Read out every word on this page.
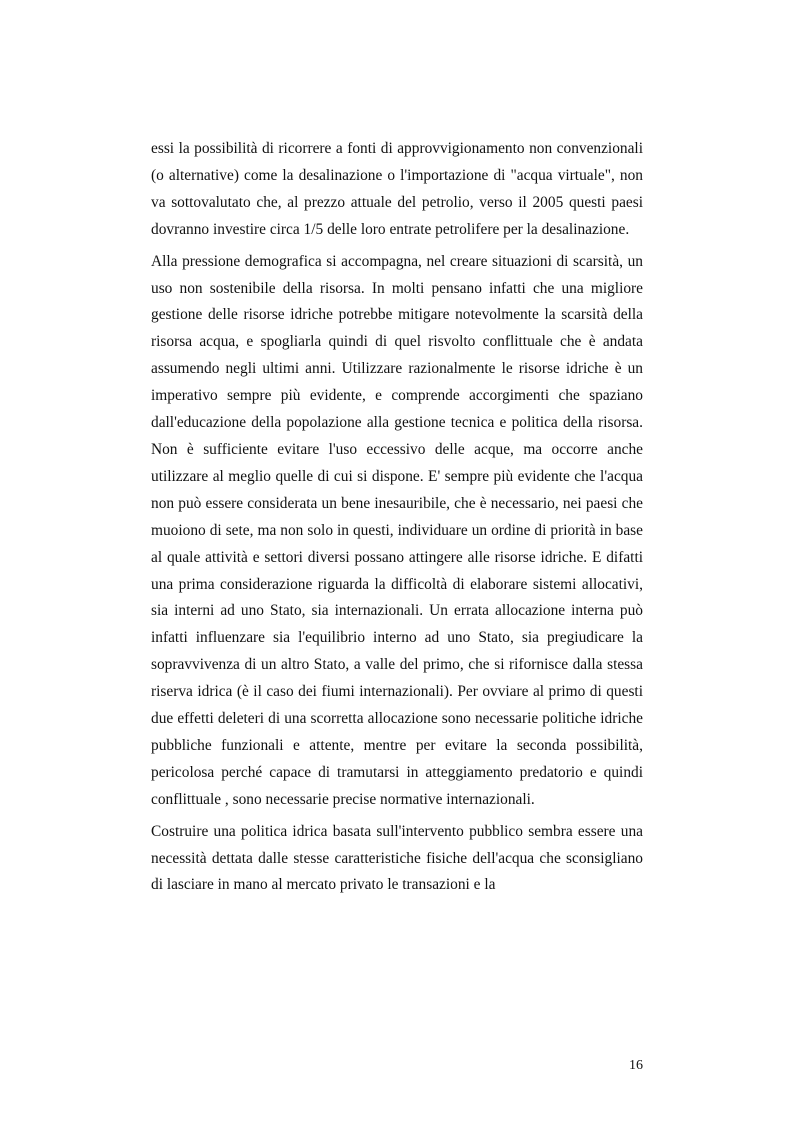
essi la possibilità di ricorrere a fonti di approvvigionamento non convenzionali (o alternative) come la desalinazione o l'importazione di "acqua virtuale", non va sottovalutato che, al prezzo attuale del petrolio, verso il 2005 questi paesi dovranno investire circa 1/5 delle loro entrate petrolifere per la desalinazione.

Alla pressione demografica si accompagna, nel creare situazioni di scarsità, un uso non sostenibile della risorsa. In molti pensano infatti che una migliore gestione delle risorse idriche potrebbe mitigare notevolmente la scarsità della risorsa acqua, e spogliarla quindi di quel risvolto conflittuale che è andata assumendo negli ultimi anni. Utilizzare razionalmente le risorse idriche è un imperativo sempre più evidente, e comprende accorgimenti che spaziano dall'educazione della popolazione alla gestione tecnica e politica della risorsa. Non è sufficiente evitare l'uso eccessivo delle acque, ma occorre anche utilizzare al meglio quelle di cui si dispone. E' sempre più evidente che l'acqua non può essere considerata un bene inesauribile, che è necessario, nei paesi che muoiono di sete, ma non solo in questi, individuare un ordine di priorità in base al quale attività e settori diversi possano attingere alle risorse idriche. E difatti una prima considerazione riguarda la difficoltà di elaborare sistemi allocativi, sia interni ad uno Stato, sia internazionali. Un errata allocazione interna può infatti influenzare sia l'equilibrio interno ad uno Stato, sia pregiudicare la sopravvivenza di un altro Stato, a valle del primo, che si rifornisce dalla stessa riserva idrica (è il caso dei fiumi internazionali). Per ovviare al primo di questi due effetti deleteri di una scorretta allocazione sono necessarie politiche idriche pubbliche funzionali e attente, mentre per evitare la seconda possibilità, pericolosa perché capace di tramutarsi in atteggiamento predatorio e quindi conflittuale , sono necessarie precise normative internazionali.

Costruire una politica idrica basata sull'intervento pubblico sembra essere una necessità dettata dalle stesse caratteristiche fisiche dell'acqua che sconsigliano di lasciare in mano al mercato privato le transazioni e la

16
